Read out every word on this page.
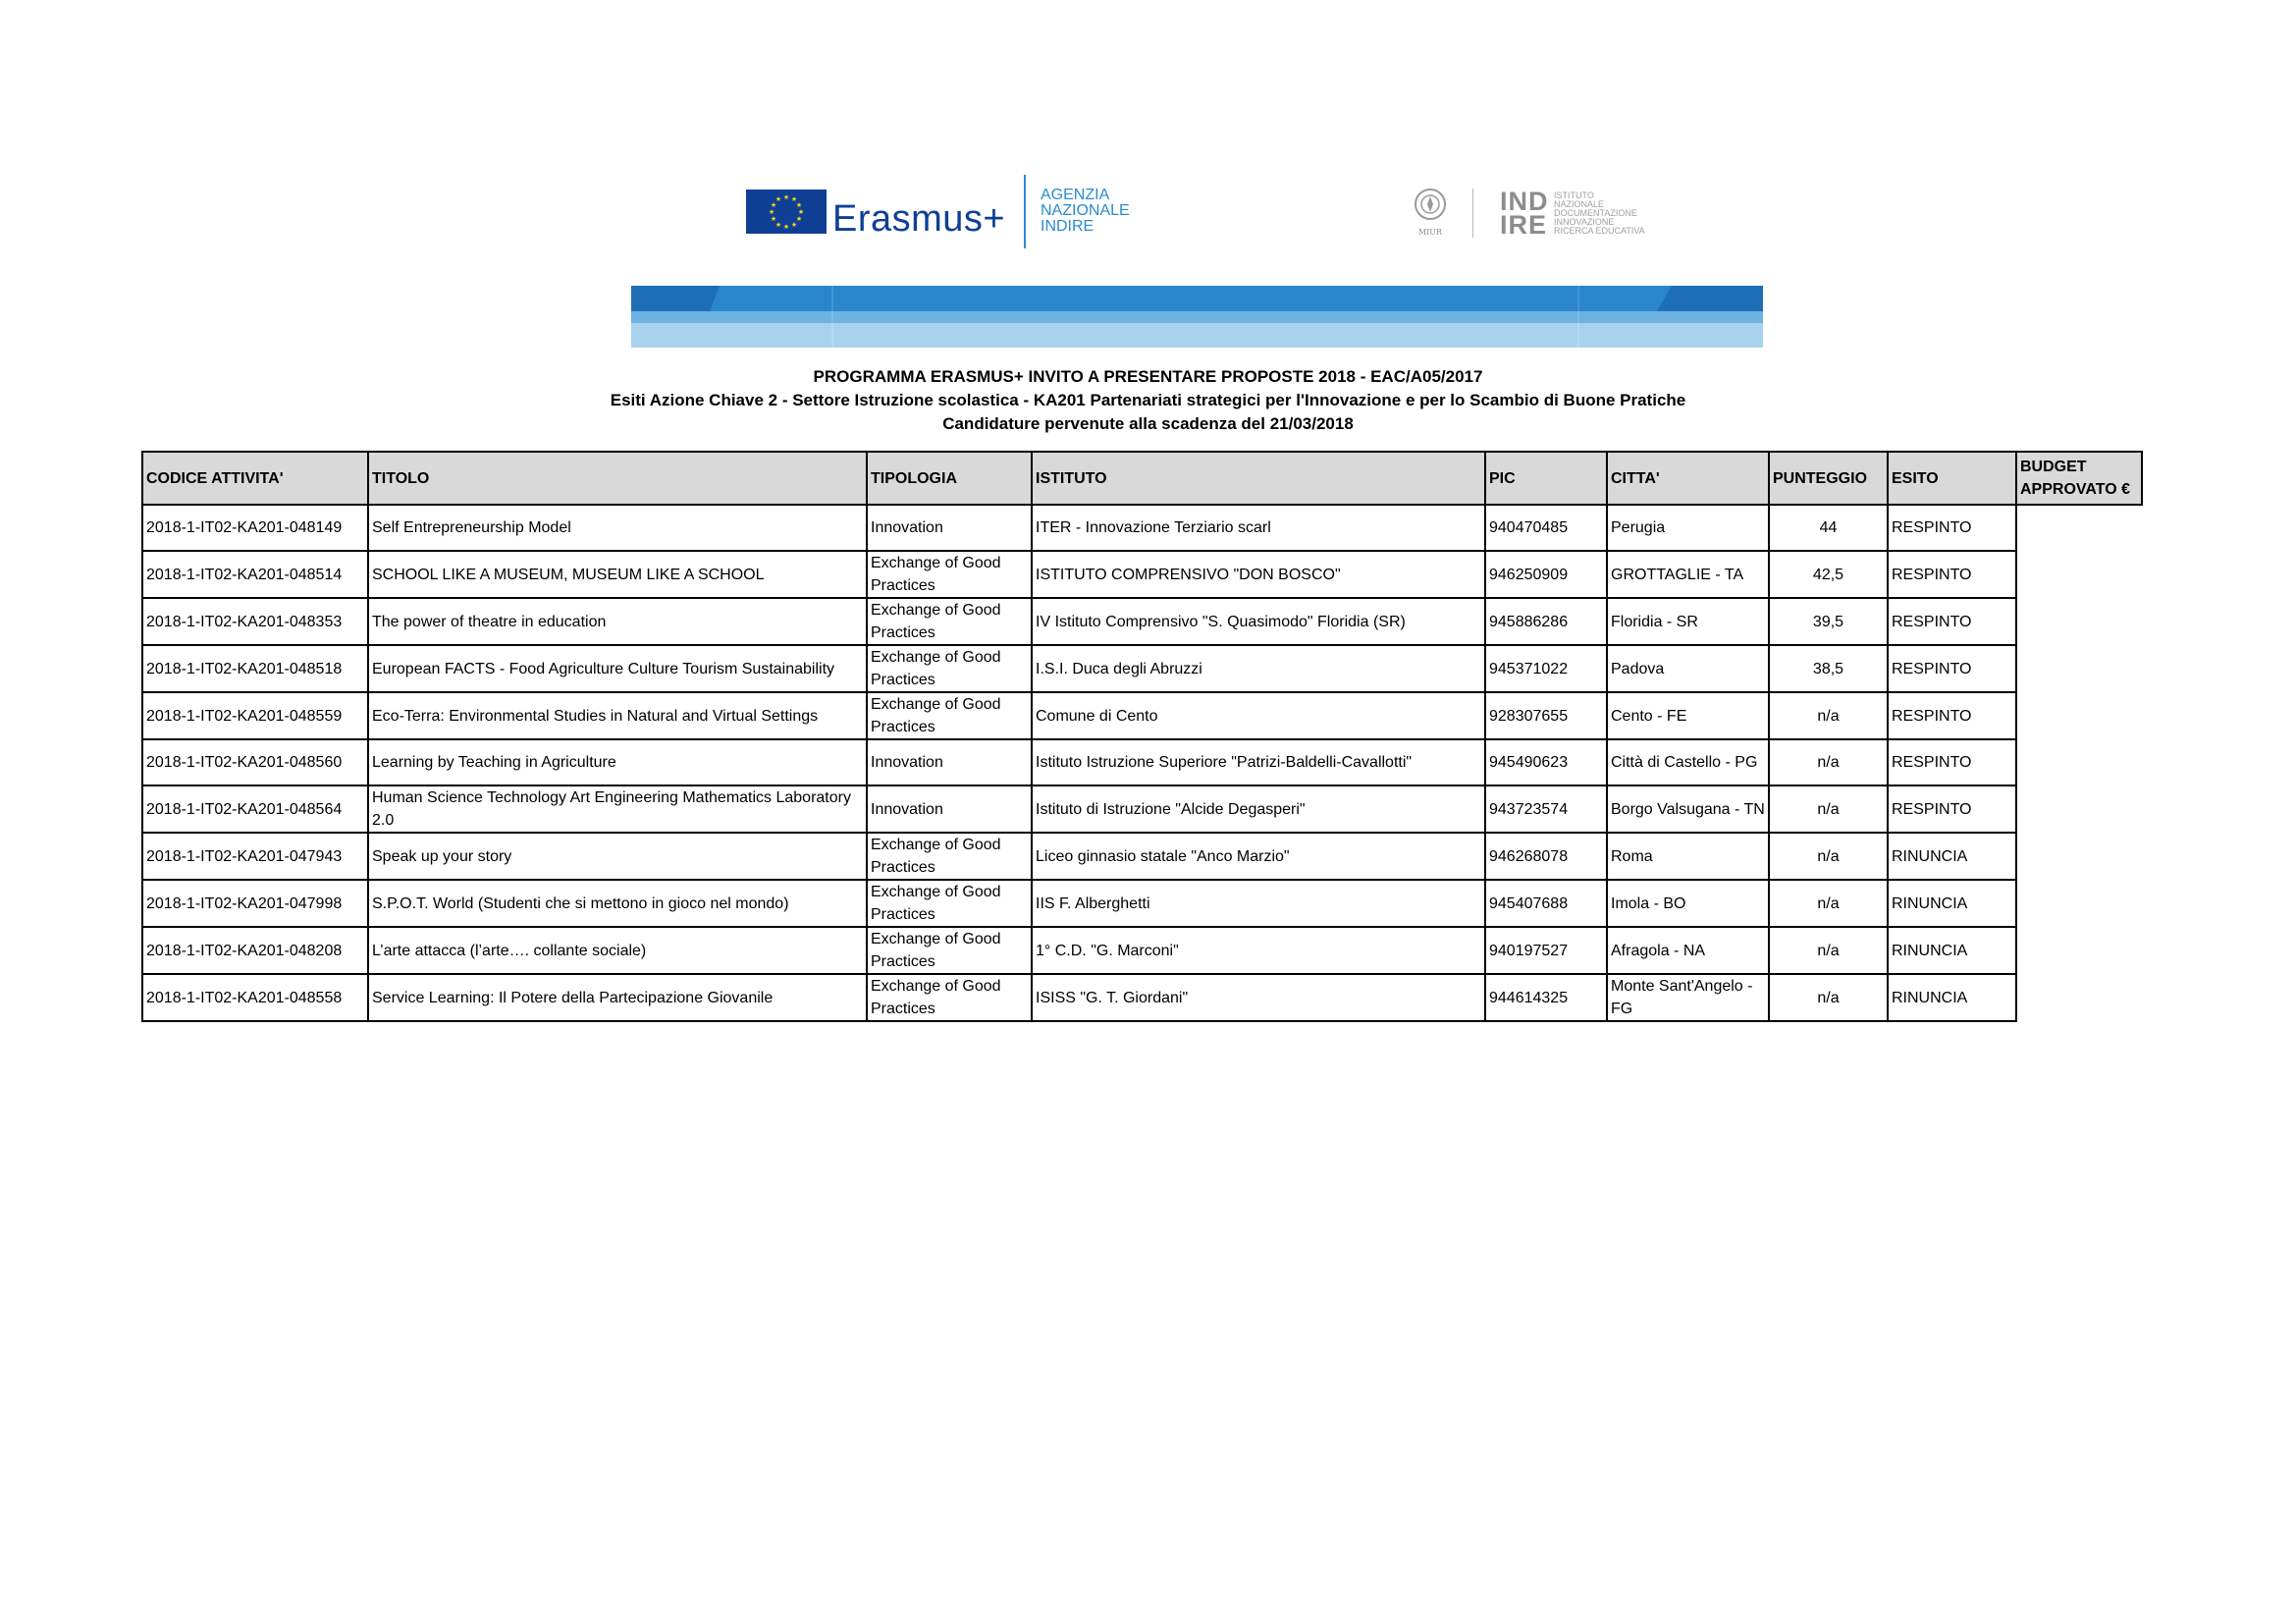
★ ★
★
★
★
★
★
★
★
★
★
★ Erasmus+
AGENZIA
NAZIONALE
INDIRE	MIUR
IND
IRE
ISTITUTO
NAZIONALE
DOCUMENTAZIONE
INNOVAZIONE
RICERCA EDUCATIVA
PROGRAMMA ERASMUS+ INVITO A PRESENTARE PROPOSTE 2018 - EAC/A05/2017
Esiti Azione Chiave 2 - Settore Istruzione scolastica - KA201 Partenariati strategici per l'Innovazione e per lo Scambio di Buone Pratiche
Candidature pervenute alla scadenza del 21/03/2018
CODICE ATTIVITA'	TITOLO	TIPOLOGIA	ISTITUTO	PIC	CITTA'	PUNTEGGIO	ESITO	BUDGET APPROVATO €
2018-1-IT02-KA201-048149	Self Entrepreneurship Model	Innovation	ITER - Innovazione Terziario scarl	940470485	Perugia	44	RESPINTO	
2018-1-IT02-KA201-048514	SCHOOL LIKE A MUSEUM, MUSEUM LIKE A SCHOOL	Exchange of Good Practices	ISTITUTO COMPRENSIVO "DON BOSCO"	946250909	GROTTAGLIE - TA	42,5	RESPINTO	
2018-1-IT02-KA201-048353	The power of theatre in education	Exchange of Good Practices	IV Istituto Comprensivo "S. Quasimodo" Floridia (SR)	945886286	Floridia - SR	39,5	RESPINTO	
2018-1-IT02-KA201-048518	European FACTS - Food Agriculture Culture Tourism Sustainability	Exchange of Good Practices	I.S.I. Duca degli Abruzzi	945371022	Padova	38,5	RESPINTO	
2018-1-IT02-KA201-048559	Eco-Terra: Environmental Studies in Natural and Virtual Settings	Exchange of Good Practices	Comune di Cento	928307655	Cento - FE	n/a	RESPINTO	
2018-1-IT02-KA201-048560	Learning by Teaching in Agriculture	Innovation	Istituto Istruzione Superiore "Patrizi-Baldelli-Cavallotti"	945490623	Città di Castello - PG	n/a	RESPINTO	
2018-1-IT02-KA201-048564	Human Science Technology Art Engineering Mathematics Laboratory 2.0	Innovation	Istituto di Istruzione "Alcide Degasperi"	943723574	Borgo Valsugana - TN	n/a	RESPINTO	
2018-1-IT02-KA201-047943	Speak up your story	Exchange of Good Practices	Liceo ginnasio statale "Anco Marzio"	946268078	Roma	n/a	RINUNCIA	
2018-1-IT02-KA201-047998	S.P.O.T. World (Studenti che si mettono in gioco nel mondo)	Exchange of Good Practices	IIS F. Alberghetti	945407688	Imola - BO	n/a	RINUNCIA	
2018-1-IT02-KA201-048208	L’arte attacca (l’arte…. collante sociale)	Exchange of Good Practices	1° C.D. "G. Marconi"	940197527	Afragola - NA	n/a	RINUNCIA	
2018-1-IT02-KA201-048558	Service Learning: Il Potere della Partecipazione Giovanile	Exchange of Good Practices	ISISS "G. T. Giordani"	944614325	Monte Sant'Angelo - FG	n/a	RINUNCIA	
